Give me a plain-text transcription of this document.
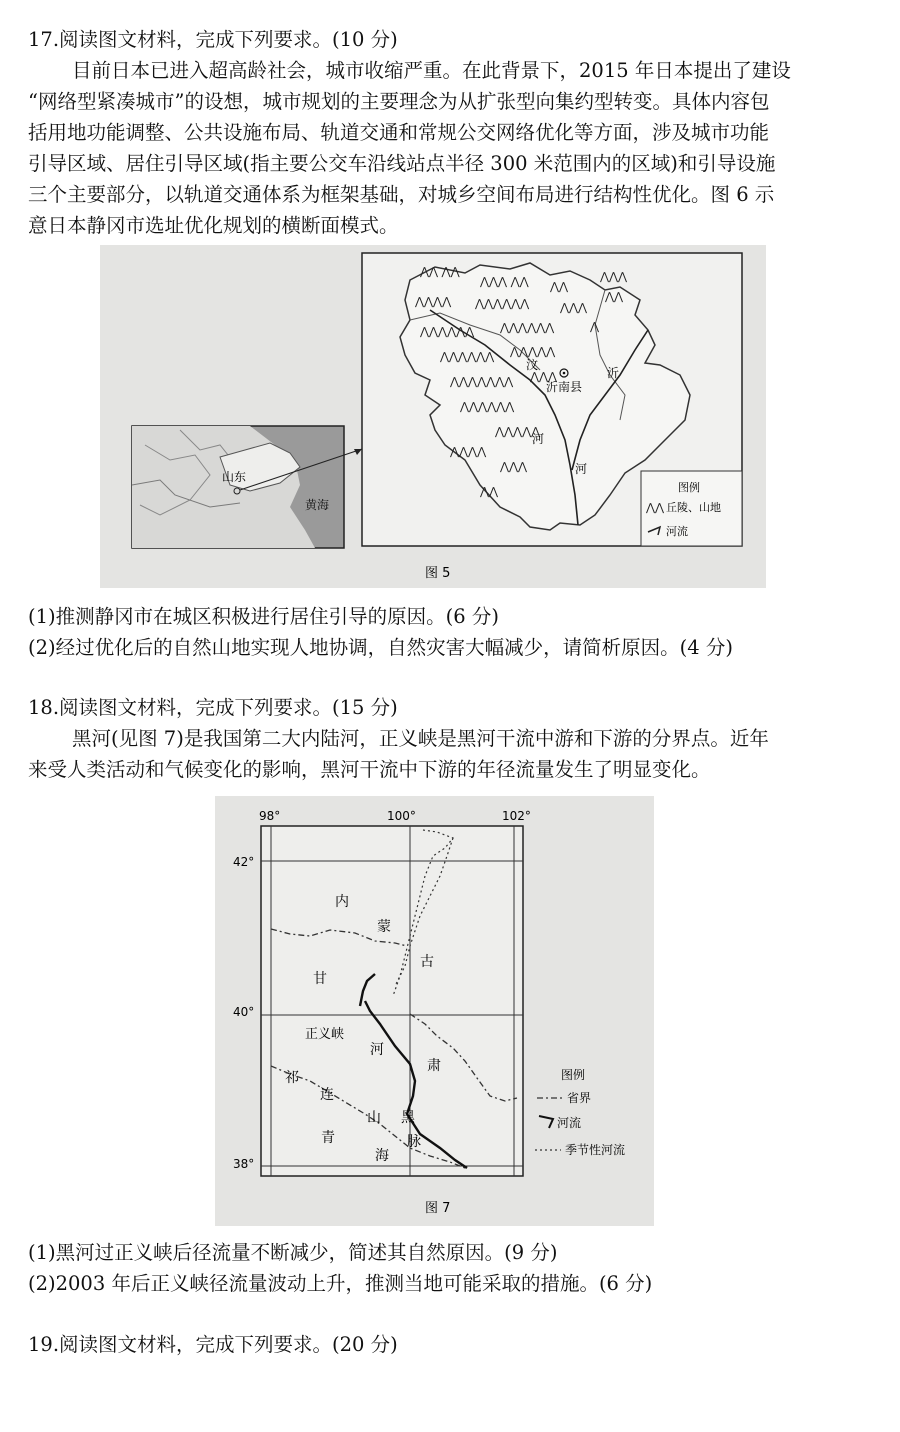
17.阅读图文材料，完成下列要求。(10 分)
目前日本已进入超高龄社会，城市收缩严重。在此背景下，2015 年日本提出了建设
“网络型紧凑城市”的设想，城市规划的主要理念为从扩张型向集约型转变。具体内容包
括用地功能调整、公共设施布局、轨道交通和常规公交网络优化等方面，涉及城市功能
引导区域、居住引导区域(指主要公交车沿线站点半径 300 米范围内的区域)和引导设施
三个主要部分，以轨道交通体系为框架基础，对城乡空间布局进行结构性优化。图 6 示
意日本静冈市选址优化规划的横断面模式。
山东
黄海
⋀⋀ ⋀⋀
⋀⋀⋀ ⋀⋀ ⋀⋀
⋀⋀⋀
⋀⋀
⋀⋀⋀⋀ ⋀⋀⋀⋀⋀⋀	⋀⋀⋀
⋀⋀⋀⋀⋀⋀ ⋀⋀⋀⋀⋀⋀	⋀
⋀⋀⋀⋀⋀⋀ ⋀⋀⋀⋀⋀
⋀⋀⋀⋀⋀⋀⋀ ⋀⋀⋀
⋀⋀⋀⋀⋀⋀
⋀⋀⋀⋀⋀
⋀⋀⋀⋀
⋀⋀⋀
⋀⋀
汶
河
沂
河
沂南县
图例
⋀⋀ 丘陵、山地
河流
图 5
(1)推测静冈市在城区积极进行居住引导的原因。(6 分)
(2)经过优化后的自然山地实现人地协调，自然灾害大幅减少，请简析原因。(4 分)
18.阅读图文材料，完成下列要求。(15 分)
黑河(见图 7)是我国第二大内陆河，正义峡是黑河干流中游和下游的分界点。近年
来受人类活动和气候变化的影响，黑河干流中下游的年径流量发生了明显变化。
98°	100°	102°
42°
40°
38°
内
蒙
古
甘
正义峡
河
肃
祁
连
山 黑
青	脉
海
图例
省界
河流
季节性河流
图 7
(1)黑河过正义峡后径流量不断减少，简述其自然原因。(9 分)
(2)2003 年后正义峡径流量波动上升，推测当地可能采取的措施。(6 分)
19.阅读图文材料，完成下列要求。(20 分)
